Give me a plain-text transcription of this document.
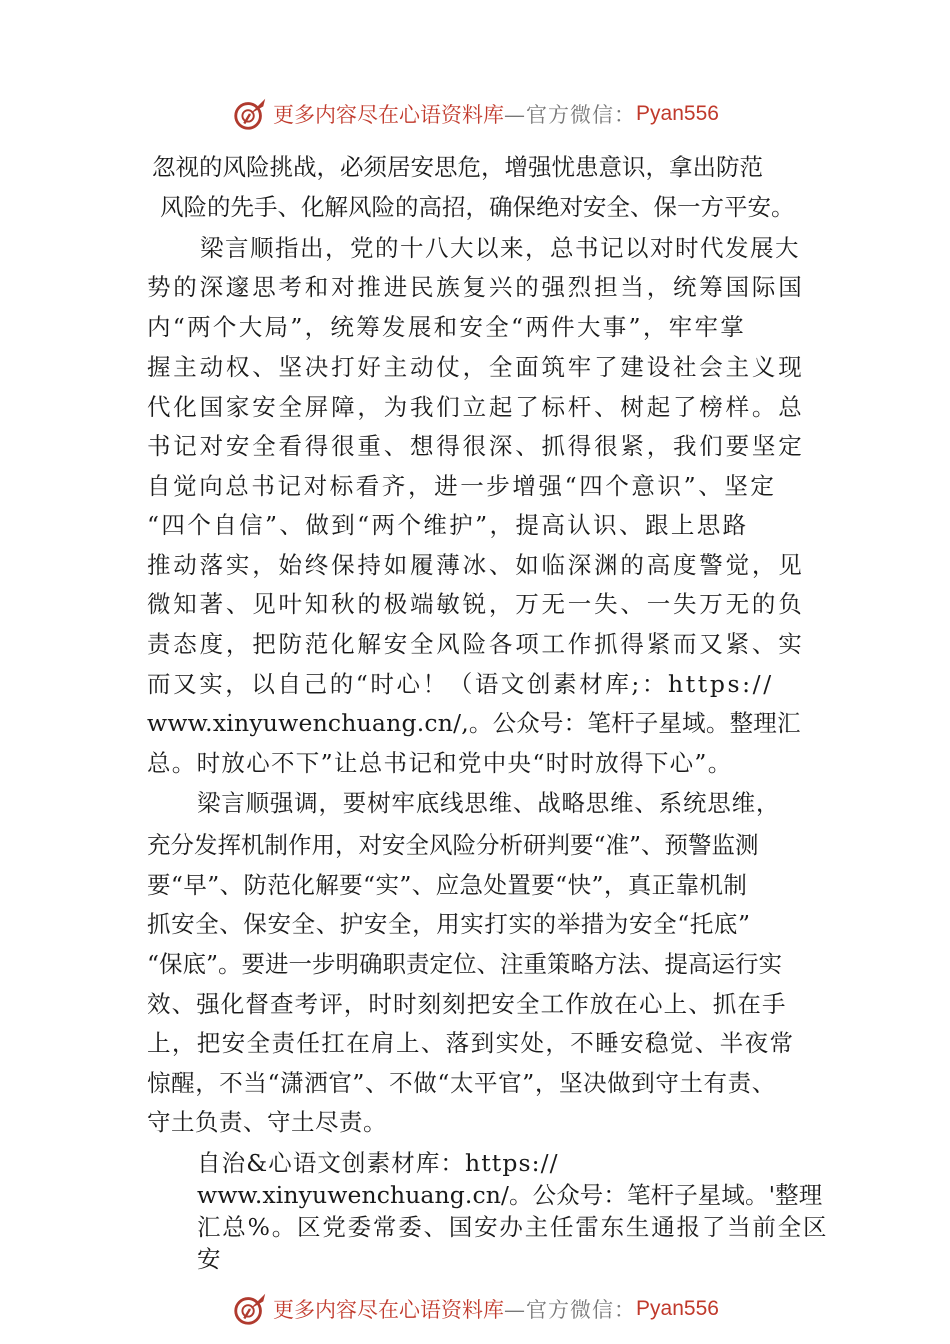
更多内容尽在心语资料库 —官方微信： Pyan556
忽视的风险挑战，必须居安思危，增强忧患意识，拿出防范
风险的先手、化解风险的高招，确保绝对安全、保一方平安。
梁言顺指出，党的十八大以来，总书记以对时代发展大
势的深邃思考和对推进民族复兴的强烈担当，统筹国际国
内“两个大局”，统筹发展和安全“两件大事”，牢牢掌
握主动权、坚决打好主动仗，全面筑牢了建设社会主义现
代化国家安全屏障，为我们立起了标杆、树起了榜样。总
书记对安全看得很重、想得很深、抓得很紧，我们要坚定
自觉向总书记对标看齐，进一步增强“四个意识”、坚定
“四个自信”、做到“两个维护”，提高认识、跟上思路
推动落实，始终保持如履薄冰、如临深渊的高度警觉，见
微知著、见叶知秋的极端敏锐，万无一失、一失万无的负
责态度，把防范化解安全风险各项工作抓得紧而又紧、实
而又实，以自己的“时心！（语文创素材库;：https://
www.xinyuwenchuang.cn/,。公众号：笔杆子星域。整理汇
总。时放心不下”让总书记和党中央“时时放得下心”。
梁言顺强调，要树牢底线思维、战略思维、系统思维，
充分发挥机制作用，对安全风险分析研判要“准”、预警监测
要“早”、防范化解要“实”、应急处置要“快”，真正靠机制
抓安全、保安全、护安全，用实打实的举措为安全“托底”
“保底”。要进一步明确职责定位、注重策略方法、提高运行实
效、强化督查考评，时时刻刻把安全工作放在心上、抓在手
上，把安全责任扛在肩上、落到实处，不睡安稳觉、半夜常
惊醒，不当“潇洒官”、不做“太平官”，坚决做到守土有责、
守土负责、守土尽责。
自治&心语文创素材库：https://
www.xinyuwenchuang.cn/。公众号：笔杆子星域。'整理
汇总%。区党委常委、国安办主任雷东生通报了当前全区
安
更多内容尽在心语资料库 —官方微信： Pyan556
